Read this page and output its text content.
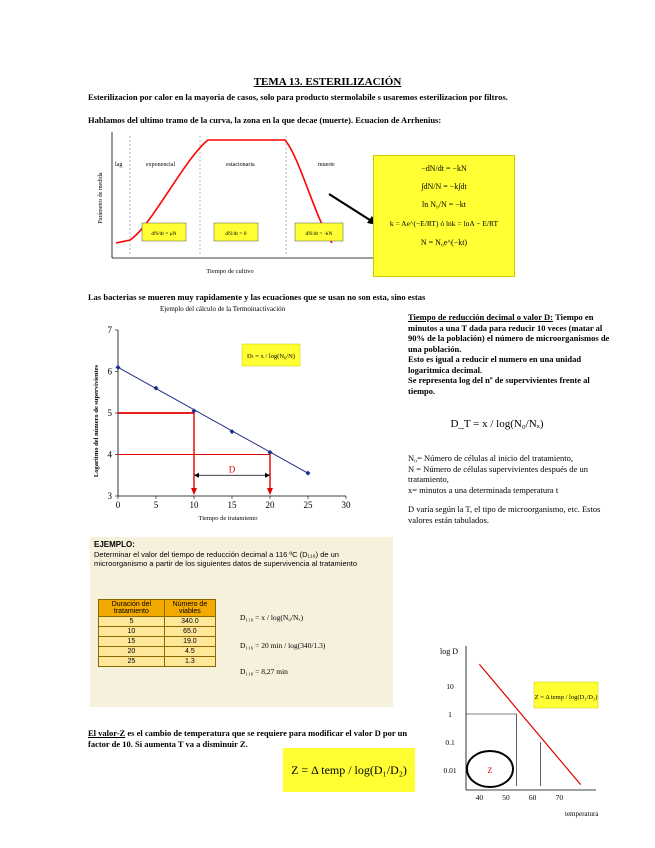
TEMA 13. ESTERILIZACIÓN
Esterilizacion por calor en la mayoria de casos, solo para producto stermolabile s usaremos esterilizacion por filtros.
Hablamos del ultimo tramo de la curva, la zona en la que decae (muerte). Ecuacion de Arrhenius:
Parámetro de medida
Tiempo de cultivo
lag	exponencial	estacionaria	muerte
dN/dt = μN	dN/dt = 0	dN/dt = -kN
−dN/dt = −kN
∫dN/N = −k∫dt
ln N₀/N = −kt
k = Ae^(−E/RT) ó lnk = lnA − E/RT
N = N₀e^(−kt)
Las bacterias se mueren muy rapidamente y las ecuaciones que se usan no son esta, sino estas
Ejemplo del cálculo de la Termoinactivación
Logaritmo del número de supervivientes
Tiempo de tratamiento
0	5	10	15	20	25	30
3
4
5
6
7
Dₜ = x / log(N₀/N)
D
Tiempo de reducción decimal o valor D: Tiempo en minutos a una T dada para reducir 10 veces (matar al 90% de la población) el número de microorganismos de una población.
Esto es igual a reducir el numero en una unidad logaritmica decimal.
Se representa log del nº de supervivientes frente al tiempo.
D_T = x / log(N₀/Nₓ)
N₀= Número de células al inicio del tratamiento,
N = Número de células supervivientes después de un tratamiento,
x= minutos a una determinada temperatura t
D varía según la T, el tipo de microorganismo, etc. Estos valores están tabulados.
EJEMPLO:
Determinar el valor del tiempo de reducción decimal a 116 ºC (D₁₁₆) de un microorganismo a partir de los siguientes datos de supervivencia al tratamiento
Duración del tratamiento	Número de viables
5	340.0
10	65.0
15	19.0
20	4.5
25	1.3
D₁₁₆ = x / log(N₀/Nₓ)
D₁₁₆ = 20 min / log(340/1.3)
D₁₁₆ = 8,27 min
El valor-Z es el cambio de temperatura que se requiere para modificar el valor D por un factor de 10. Si aumenta T va a disminuir Z.
Z = Δ temp / log(D₁/D₂)
log D
temperatura
10
1
0.1
0.01
40	50	60	70
Z = Δ temp / log(D₁/D₂)
Z
